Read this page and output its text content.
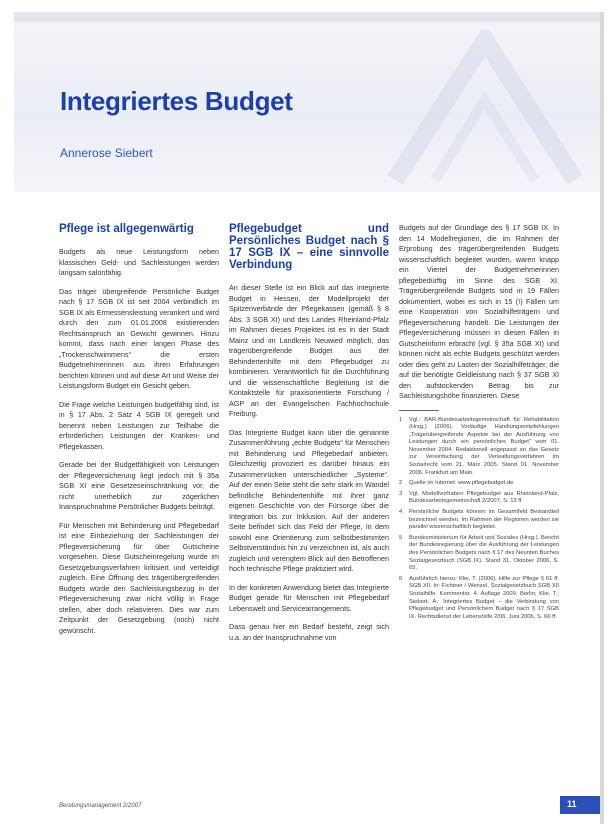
Integriertes Budget
Annerose Siebert
Pflege ist allgegenwärtig

Budgets als neue Leistungsform neben klassischen Geld- und Sachleistungen werden langsam salonfähig.

Das träger übergreifende Persönliche Budget nach § 17 SGB IX ist seit 2004 verbindlich im SGB IX als Ermessensleistung verankert und wird durch den zum 01.01.2008 existierenden Rechtsanspruch an Gewicht gewinnen. Hinzu kommt, dass nach einer langen Phase des „Trockenschwimmens“ die ersten Budgetnehmerinnen aus ihren Erfahrungen berichten können und auf diese Art und Weise der Leistungsform Budget ein Gesicht geben.

Die Frage welche Leistungen budgetfähig sind, ist in § 17 Abs. 2 Satz 4 SGB IX geregelt und benennt neben Leistungen zur Teilhabe die erforderlichen Leistungen der Kranken- und Pflegekassen.

Gerade bei der Budgetfähigkeit von Leistungen der Pflegeversicherung liegt jedoch mit § 35a SGB XI eine Gesetzeseinschränkung vor, die nicht unerheblich zur zögerlichen Inanspruchnahme Persönlicher Budgets beiträgt.

Für Menschen mit Behinderung und Pflegebedarf ist eine Einbeziehung der Sachleistungen der Pflegeversicherung für über Gutscheine vorgesehen. Diese Gutscheinregelung wurde im Gesetzgebungsverfahren kritisiert und verteidigt zugleich. Eine Öffnung des trägerübergreifenden Budgets würde den Sachleistungsbezug in der Pflegeversicherung zwar nicht völlig in Frage stellen, aber doch relativieren. Dies war zum Zeitpunkt der Gesetzgebung (noch) nicht gewünscht.

Pflegebudget und Persönliches Budget nach § 17 SGB IX – eine sinnvolle Verbindung

An dieser Stelle ist ein Blick auf das integrierte Budget in Hessen, der Modellprojekt der Spitzenverbände der Pflegekassen (gemäß § 8 Abs. 3 SGB XI) und des Landes Rheinland-Pfalz im Rahmen dieses Projektes ist es in der Stadt Mainz und im Landkreis Neuwied möglich, das trägerübergreifende Budget aus der Behindertenhilfe mit dem Pflegebudget zu kombinieren. Verantwortlich für die Durchführung und die wissenschaftliche Begleitung ist die Kontaktstelle für praxisorientierte Forschung / AGP an der Evangelischen Fachhochschule Freiburg.

Das Integrierte Budget kann über die genannte Zusammenführung „echte Budgets“ für Menschen mit Behinderung und Pflegebedarf anbieten. Gleichzeitig provoziert es darüber hinaus ein Zusammenrücken unterschiedlicher „Systeme“. Auf der einen Seite steht die sehr stark im Wandel befindliche Behindertenhilfe mit ihrer ganz eigenen Geschichte von der Fürsorge über die Integration bis zur Inklusion. Auf der anderen Seite befindet sich das Feld der Pflege, in dem sowohl eine Orientierung zum selbstbestimmten Selbstverständnis hin zu verzeichnen ist, als auch zugleich und verengtem Blick auf den Betroffenen hoch technische Pflege praktiziert wird.

In der konkreten Anwendung bietet das Integrierte Budget gerade für Menschen mit Pflegebedarf Lebenswelt und Servicearrangements.

Dass genau hier ein Bedarf besteht, zeigt sich u.a. an der Inanspruchnahme von

Budgets auf der Grundlage des § 17 SGB IX. In den 14 Modellregionen, die im Rahmen der Erprobung des trägerübergreifenden Budgets wissenschaftlich begleitet wurden, waren knapp ein Viertel der Budgetnehmerinnen pflegebedürftig im Sinne des SGB XI. Trägerübergreifende Budgets sind in 19 Fällen dokumentiert, wobei es sich in 15 (!) Fällen um eine Kooperation von Sozialhilfeträgern und Pflegeversicherung handelt. Die Leistungen der Pflegeversicherung müssen in diesen Fällen in Gutscheinform erbracht (vgl. § 35a SGB XI) und können nicht als echte Budgets geschützt werden oder dies geht zu Lasten der Sozialhilfeträger, die auf die benötigte Geldleistung nach § 37 SGB XI den aufstockenden Betrag bis zur Sachleistungshöhe finanzieren. Diese

1	Vgl.: BAR-Bundesarbeitsgemeinschaft für Rehabilitation (Hrsg.) (2006). Vorläufige Handlungsempfehlungen „Trägerübergreifende Aspekte bei der Ausführung von Leistungen durch ein persönliches Budget“ vom 01. November 2004. Redaktionell angepasst an das Gesetz zur Vereinfachung der Verwaltungsverfahren im Sozialrecht vom 21. März 2005. Stand 01. November 2006. Frankfurt am Main.
2	Quelle im Internet: www.pflegebudget.de
3	Vgl. Modellvorhaben Pflegebudget aus Rheinland-Pfalz, Bundesarbeitsgemeinschaft 2/2007, S. 13 ff.
4	Persönliche Budgets können im Gesamtfeld Bestandteil bezeichnet werden. Im Rahmen der Regionen werden sie parallel wissenschaftlich begleitet.
5	Bundesministerium für Arbeit und Soziales (Hrsg.). Bericht der Bundesregierung über die Ausführung der Leistungen des Persönlichen Budgets nach § 17 des Neunten Buches Sozialgesetzbuch (SGB IX). Stand 31. Oktober 2006, S. 65.
6	Ausführlich hierzu: Klie, T. (2006). Hilfe zur Pflege § 61 ff. SGB XII. In: Fichtner / Wenzel, Sozialgesetzbuch SGB XII Sozialhilfe. Kommentar. 4. Auflage 2009. Berlin; Klie, T.; Siebert, A.: Integriertes Budget – die Verbindung von Pflegebudget und Persönlichem Budget nach § 17 SGB IX. Rechtsdienst der Lebenshilfe 2/06, Juni 2006, S. 66 ff.
Beratungsmanagement 2/2007	11
